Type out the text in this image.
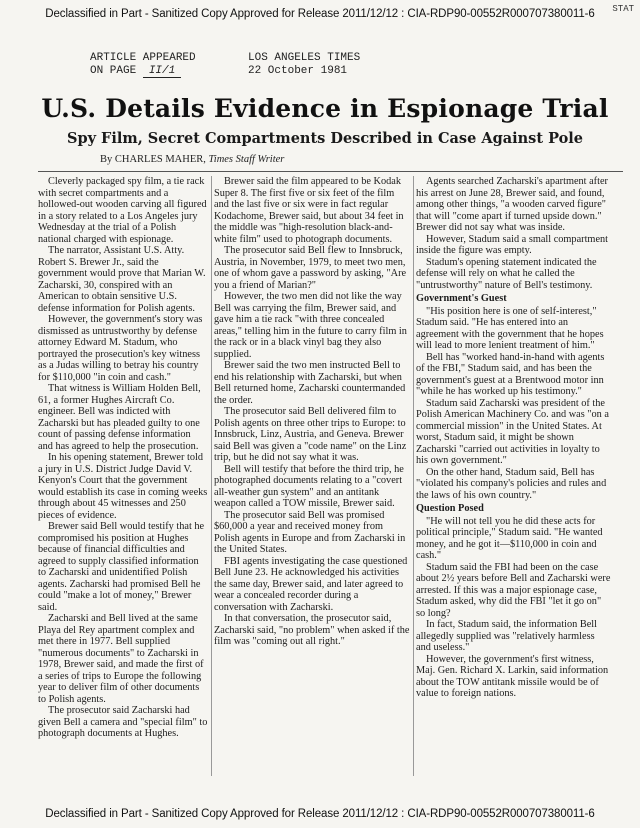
Declassified in Part - Sanitized Copy Approved for Release 2011/12/12 : CIA-RDP90-00552R000707380011-6	STAT
ARTICLE APPEARED
ON PAGE II/1
LOS ANGELES TIMES
22 October 1981
U.S. Details Evidence in Espionage Trial
Spy Film, Secret Compartments Described in Case Against Pole
By CHARLES MAHER, Times Staff Writer

Cleverly packaged spy film, a tie rack with secret compartments and a hollowed-out wooden carving all figured in a story related to a Los Angeles jury Wednesday at the trial of a Polish national charged with espionage.

The narrator, Assistant U.S. Atty. Robert S. Brewer Jr., said the government would prove that Marian W. Zacharski, 30, conspired with an American to obtain sensitive U.S. defense information for Polish agents.

However, the government's story was dismissed as untrustworthy by defense attorney Edward M. Stadum, who portrayed the prosecution's key witness as a Judas willing to betray his country for $110,000 "in coin and cash."

That witness is William Holden Bell, 61, a former Hughes Aircraft Co. engineer. Bell was indicted with Zacharski but has pleaded guilty to one count of passing defense information and has agreed to help the prosecution.

In his opening statement, Brewer told a jury in U.S. District Judge David V. Kenyon's Court that the government would establish its case in coming weeks through about 45 witnesses and 250 pieces of evidence.

Brewer said Bell would testify that he compromised his position at Hughes because of financial difficulties and agreed to supply classified information to Zacharski and unidentified Polish agents. Zacharski had promised Bell he could "make a lot of money," Brewer said.

Zacharski and Bell lived at the same Playa del Rey apartment complex and met there in 1977. Bell supplied "numerous documents" to Zacharski in 1978, Brewer said, and made the first of a series of trips to Europe the following year to deliver film of other documents to Polish agents.

The prosecutor said Zacharski had given Bell a camera and "special film" to photograph documents at Hughes.

Brewer said the film appeared to be Kodak Super 8. The first five or six feet of the film and the last five or six were in fact regular Kodachome, Brewer said, but about 34 feet in the middle was "high-resolution black-and-white film" used to photograph documents.

The prosecutor said Bell flew to Innsbruck, Austria, in November, 1979, to meet two men, one of whom gave a password by asking, "Are you a friend of Marian?"

However, the two men did not like the way Bell was carrying the film, Brewer said, and gave him a tie rack "with three concealed areas," telling him in the future to carry film in the rack or in a black vinyl bag they also supplied.

Brewer said the two men instructed Bell to end his relationship with Zacharski, but when Bell returned home, Zacharski countermanded the order.

The prosecutor said Bell delivered film to Polish agents on three other trips to Europe: to Innsbruck, Linz, Austria, and Geneva. Brewer said Bell was given a "code name" on the Linz trip, but he did not say what it was.

Bell will testify that before the third trip, he photographed documents relating to a "covert all-weather gun system" and an antitank weapon called a TOW missile, Brewer said.

The prosecutor said Bell was promised $60,000 a year and received money from Polish agents in Europe and from Zacharski in the United States.

FBI agents investigating the case questioned Bell June 23. He acknowledged his activities the same day, Brewer said, and later agreed to wear a concealed recorder during a conversation with Zacharski.

In that conversation, the prosecutor said, Zacharski said, "no problem" when asked if the film was "coming out all right."

Agents searched Zacharski's apartment after his arrest on June 28, Brewer said, and found, among other things, "a wooden carved figure" that will "come apart if turned upside down." Brewer did not say what was inside.

However, Stadum said a small compartment inside the figure was empty.

Stadum's opening statement indicated the defense will rely on what he called the "untrustworthy" nature of Bell's testimony.

Government's Guest

"His position here is one of self-interest," Stadum said. "He has entered into an agreement with the government that he hopes will lead to more lenient treatment of him."

Bell has "worked hand-in-hand with agents of the FBI," Stadum said, and has been the government's guest at a Brentwood motor inn "while he has worked up his testimony."

Stadum said Zacharski was president of the Polish American Machinery Co. and was "on a commercial mission" in the United States. At worst, Stadum said, it might be shown Zacharski "carried out activities in loyalty to his own government."

On the other hand, Stadum said, Bell has "violated his company's policies and rules and the laws of his own country."

Question Posed

"He will not tell you he did these acts for political principle," Stadum said. "He wanted money, and he got it—$110,000 in coin and cash."

Stadum said the FBI had been on the case about 2½ years before Bell and Zacharski were arrested. If this was a major espionage case, Stadum asked, why did the FBI "let it go on" so long?

In fact, Stadum said, the information Bell allegedly supplied was "relatively harmless and useless."

However, the government's first witness, Maj. Gen. Richard X. Larkin, said information about the TOW antitank missile would be of value to foreign nations.

Declassified in Part - Sanitized Copy Approved for Release 2011/12/12 : CIA-RDP90-00552R000707380011-6
